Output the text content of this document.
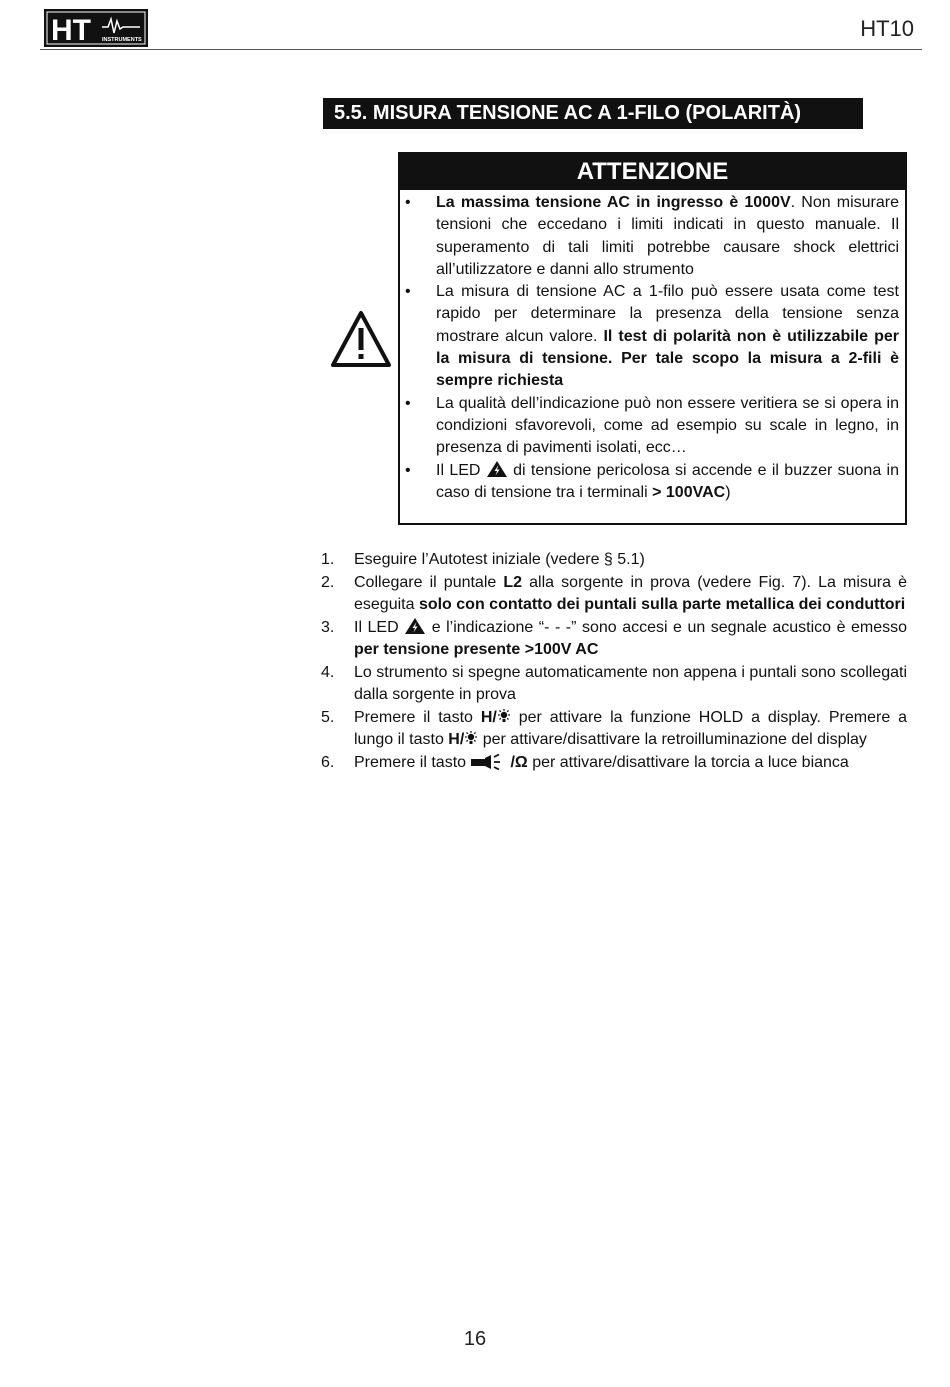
HT INSTRUMENTS	HT10
5.5. MISURA TENSIONE AC A 1-FILO (POLARITÀ)
ATTENZIONE
• La massima tensione AC in ingresso è 1000V. Non misurare tensioni che eccedano i limiti indicati in questo manuale. Il superamento di tali limiti potrebbe causare shock elettrici all’utilizzatore e danni allo strumento
• La misura di tensione AC a 1-filo può essere usata come test rapido per determinare la presenza della tensione senza mostrare alcun valore. Il test di polarità non è utilizzabile per la misura di tensione. Per tale scopo la misura a 2-fili è sempre richiesta
• La qualità dell’indicazione può non essere veritiera se si opera in condizioni sfavorevoli, come ad esempio su scale in legno, in presenza di pavimenti isolati, ecc…
• Il LED  di tensione pericolosa si accende e il buzzer suona in caso di tensione tra i terminali > 100VAC)
1. Eseguire l’Autotest iniziale (vedere § 5.1)
2. Collegare il puntale L2 alla sorgente in prova (vedere Fig. 7). La misura è eseguita solo con contatto dei puntali sulla parte metallica dei conduttori
3. Il LED  e l’indicazione “- - -” sono accesi e un segnale acustico è emesso per tensione presente >100V AC
4. Lo strumento si spegne automaticamente non appena i puntali sono scollegati dalla sorgente in prova
5. Premere il tasto H/ per attivare la funzione HOLD a display. Premere a lungo il tasto H/ per attivare/disattivare la retroilluminazione del display
6. Premere il tasto	/Ω per attivare/disattivare la torcia a luce bianca
16
